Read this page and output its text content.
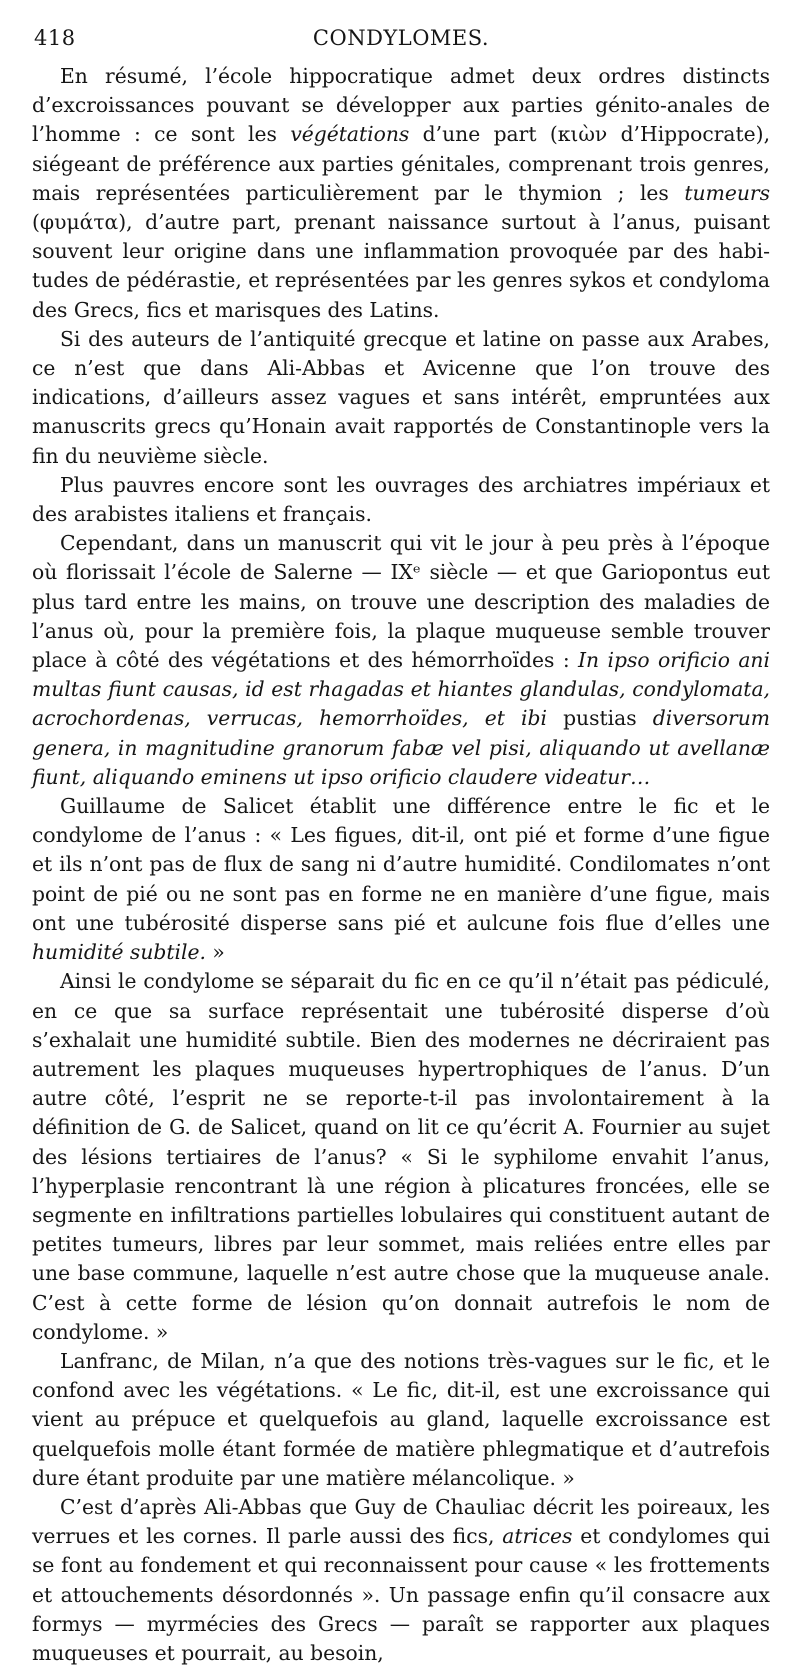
418	CONDYLOMES.

En résumé, l’école hippocratique admet deux ordres distincts d’excroissances pouvant se développer aux parties génito-anales de l’homme : ce sont les végétations d’une part (κιὼν d’Hippocrate), siégeant de préférence aux parties génitales, comprenant trois genres, mais représentées particulièrement par le thymion ; les tumeurs (φυμάτα), d’autre part, prenant naissance surtout à l’anus, puisant souvent leur origine dans une inflammation provoquée par des habitudes de pédérastie, et représentées par les genres sykos et condyloma des Grecs, fics et marisques des Latins.

Si des auteurs de l’antiquité grecque et latine on passe aux Arabes, ce n’est que dans Ali-Abbas et Avicenne que l’on trouve des indications, d’ailleurs assez vagues et sans intérêt, empruntées aux manuscrits grecs qu’Honain avait rapportés de Constantinople vers la fin du neuvième siècle.

Plus pauvres encore sont les ouvrages des archiatres impériaux et des arabistes italiens et français.

Cependant, dans un manuscrit qui vit le jour à peu près à l’époque où florissait l’école de Salerne — IXᵉ siècle — et que Gariopontus eut plus tard entre les mains, on trouve une description des maladies de l’anus où, pour la première fois, la plaque muqueuse semble trouver place à côté des végétations et des hémorrhoïdes : In ipso orificio ani multas fiunt causas, id est rhagadas et hiantes glandulas, condylomata, acrochordenas, verrucas, hemorrhoïdes, et ibi pustias diversorum genera, in magnitudine granorum fabæ vel pisi, aliquando ut avellanæ fiunt, aliquando eminens ut ipso orificio claudere videatur…

Guillaume de Salicet établit une différence entre le fic et le condylome de l’anus : « Les figues, dit-il, ont pié et forme d’une figue et ils n’ont pas de flux de sang ni d’autre humidité. Condilomates n’ont point de pié ou ne sont pas en forme ne en manière d’une figue, mais ont une tubérosité disperse sans pié et aulcune fois flue d’elles une humidité subtile. »

Ainsi le condylome se séparait du fic en ce qu’il n’était pas pédiculé, en ce que sa surface représentait une tubérosité disperse d’où s’exhalait une humidité subtile. Bien des modernes ne décriraient pas autrement les plaques muqueuses hypertrophiques de l’anus. D’un autre côté, l’esprit ne se reporte-t-il pas involontairement à la définition de G. de Salicet, quand on lit ce qu’écrit A. Fournier au sujet des lésions tertiaires de l’anus? « Si le syphilome envahit l’anus, l’hyperplasie rencontrant là une région à plicatures froncées, elle se segmente en infiltrations partielles lobulaires qui constituent autant de petites tumeurs, libres par leur sommet, mais reliées entre elles par une base commune, laquelle n’est autre chose que la muqueuse anale. C’est à cette forme de lésion qu’on donnait autrefois le nom de condylome. »

Lanfranc, de Milan, n’a que des notions très-vagues sur le fic, et le confond avec les végétations. « Le fic, dit-il, est une excroissance qui vient au prépuce et quelquefois au gland, laquelle excroissance est quelquefois molle étant formée de matière phlegmatique et d’autrefois dure étant produite par une matière mélancolique. »

C’est d’après Ali-Abbas que Guy de Chauliac décrit les poireaux, les verrues et les cornes. Il parle aussi des fics, atrices et condylomes qui se font au fondement et qui reconnaissent pour cause « les frottements et attouchements désordonnés ». Un passage enfin qu’il consacre aux formys — myrmécies des Grecs — paraît se rapporter aux plaques muqueuses et pourrait, au besoin,
